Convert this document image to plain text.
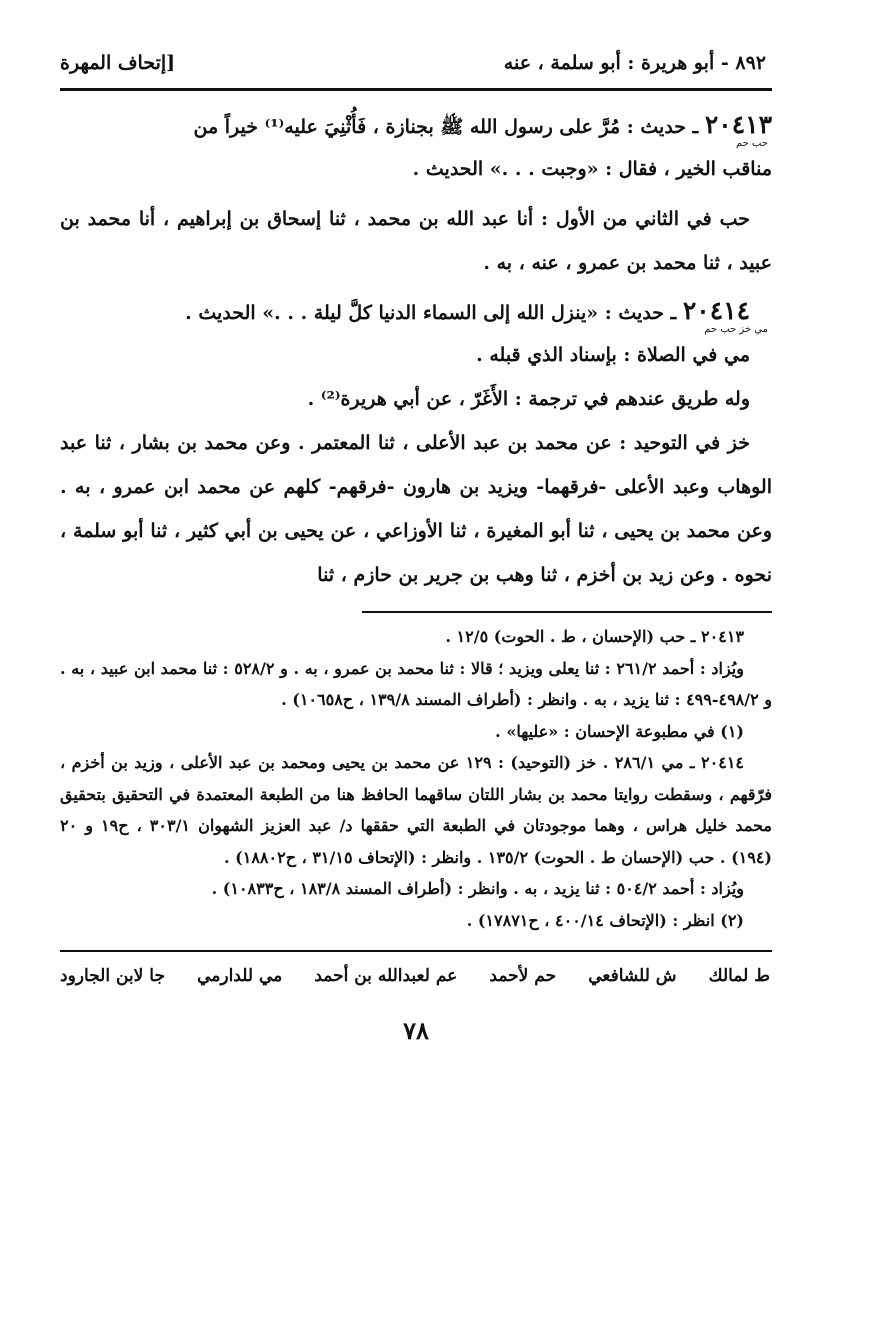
٨٩٢ - أبو هريرة : أبو سلمة ، عنه
[إتحاف المهرة

٢٠٤١٣ ـ حديث : مُرَّ على رسول الله ﷺ بجنازة ، فَأُثْنِيَ عليه⁽¹⁾ خيراً من

حب حم

مناقب الخير ، فقال : «وجبت . . .» الحديث .

حب في الثاني من الأول : أنا عبد الله بن محمد ، ثنا إسحاق بن إبراهيم ، أنا محمد بن عبيد ، ثنا محمد بن عمرو ، عنه ، به .

٢٠٤١٤ ـ حديث : «ينزل الله إلى السماء الدنيا كلَّ ليلة . . .» الحديث .

مي خز حب حم

مي في الصلاة : بإسناد الذي قبله .

وله طريق عندهم في ترجمة : الأَغَرّ ، عن أبي هريرة⁽²⁾ .

خز في التوحيد : عن محمد بن عبد الأعلى ، ثنا المعتمر . وعن محمد بن بشار ، ثنا عبد الوهاب وعبد الأعلى -فرقهما- ويزيد بن هارون -فرقهم- كلهم عن محمد ابن عمرو ، به . وعن محمد بن يحيى ، ثنا أبو المغيرة ، ثنا الأوزاعي ، عن يحيى بن أبي كثير ، ثنا أبو سلمة ، نحوه . وعن زيد بن أخزم ، ثنا وهب بن جرير بن حازم ، ثنا

٢٠٤١٣ ـ حب (الإحسان ، ط . الحوت) ١٢/٥ .

ويُزاد : أحمد ٢٦١/٢ : ثنا يعلى ويزيد ؛ قالا : ثنا محمد بن عمرو ، به . و ٥٢٨/٢ : ثنا محمد ابن عبيد ، به . و ٤٩٨/٢-٤٩٩ : ثنا يزيد ، به . وانظر : (أطراف المسند ١٣٩/٨ ، ح١٠٦٥٨) .

(١) في مطبوعة الإحسان : «عليها» .

٢٠٤١٤ ـ مي ٢٨٦/١ . خز (التوحيد) : ١٢٩ عن محمد بن يحيى ومحمد بن عبد الأعلى ، وزيد بن أخزم ، فرّقهم ، وسقطت روايتا محمد بن بشار اللتان ساقهما الحافظ هنا من الطبعة المعتمدة في التحقيق بتحقيق محمد خليل هراس ، وهما موجودتان في الطبعة التي حققها د/ عبد العزيز الشهوان ٣٠٣/١ ، ح١٩ و ٢٠ (١٩٤) . حب (الإحسان ط . الحوت) ١٣٥/٢ . وانظر : (الإتحاف ٣١/١٥ ، ح١٨٨٠٢) .

ويُزاد : أحمد ٥٠٤/٢ : ثنا يزيد ، به . وانظر : (أطراف المسند ١٨٣/٨ ، ح١٠٨٣٣) .

(٢) انظر : (الإتحاف ٤٠٠/١٤ ، ح١٧٨٧١) .

ط لمالك
ش للشافعي
حم لأحمد
عم لعبدالله بن أحمد
مي للدارمي
جا لابن الجارود
٧٨
